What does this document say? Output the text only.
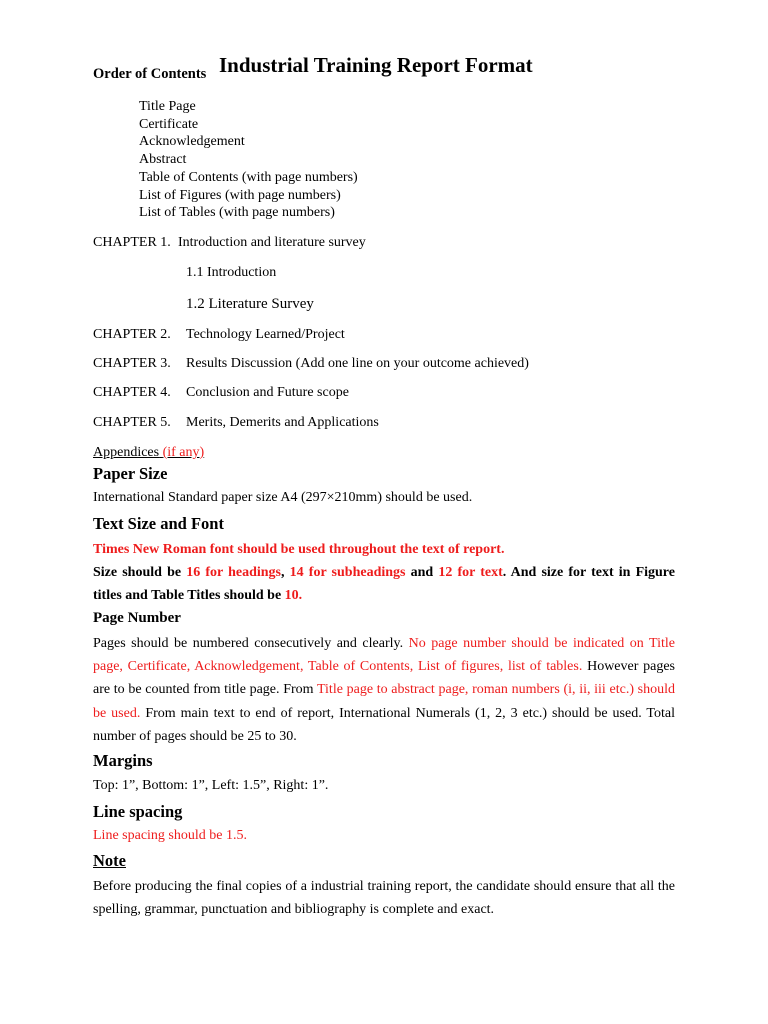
Order of Contents Industrial Training Report Format
Title Page
Certificate
Acknowledgement
Abstract
Table of Contents (with page numbers)
List of Figures (with page numbers)
List of Tables (with page numbers)
CHAPTER 1. Introduction and literature survey
1.1 Introduction
1.2 Literature Survey
CHAPTER 2. Technology Learned/Project
CHAPTER 3. Results Discussion (Add one line on your outcome achieved)
CHAPTER 4. Conclusion and Future scope
CHAPTER 5. Merits, Demerits and Applications
Appendices (if any)
Paper Size
International Standard paper size A4 (297×210mm) should be used.
Text Size and Font
Times New Roman font should be used throughout the text of report.
Size should be 16 for headings, 14 for subheadings and 12 for text. And size for text in Figure titles and Table Titles should be 10.
Page Number
Pages should be numbered consecutively and clearly. No page number should be indicated on Title page, Certificate, Acknowledgement, Table of Contents, List of figures, list of tables. However pages are to be counted from title page. From Title page to abstract page, roman numbers (i, ii, iii etc.) should be used. From main text to end of report, International Numerals (1, 2, 3 etc.) should be used. Total number of pages should be 25 to 30.
Margins
Top: 1”, Bottom: 1”, Left: 1.5”, Right: 1”.
Line spacing
Line spacing should be 1.5.
Note
Before producing the final copies of a industrial training report, the candidate should ensure that all the spelling, grammar, punctuation and bibliography is complete and exact.
